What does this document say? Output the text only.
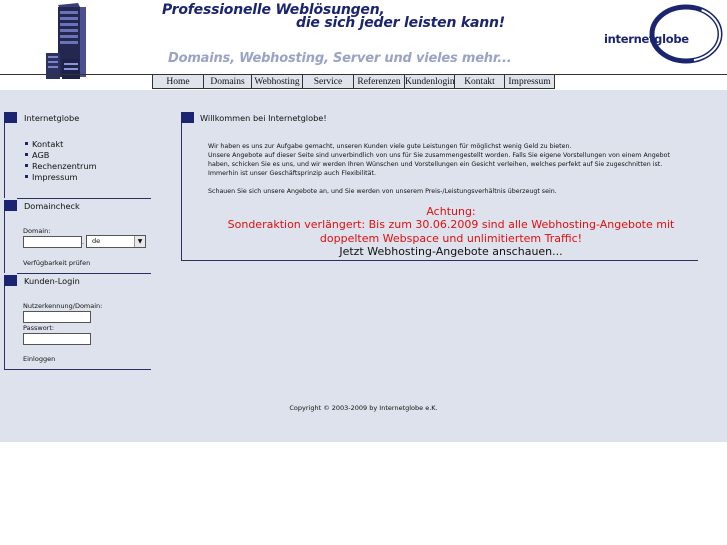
Professionelle Weblösungen,
die sich jeder leisten kann!
Domains, Webhosting, Server und vieles mehr...
internetglobe
Home	Domains	Webhosting	Service	Referenzen Kundenlogin	Kontakt	Impressum
Internetglobe
Kontakt
AGB
Rechenzentrum
Impressum
Domaincheck
Domain:
.	de	▼
Verfügbarkeit prüfen
Kunden-Login
Nutzerkennung/Domain:
Passwort:
Einloggen
Willkommen bei Internetglobe!

Wir haben es uns zur Aufgabe gemacht, unseren Kunden viele gute Leistungen für möglichst wenig Geld zu bieten.

Unsere Angebote auf dieser Seite sind unverbindlich von uns für Sie zusammengestellt worden. Falls Sie eigene Vorstellungen von einem Angebot haben, schicken Sie es uns, und wir werden Ihren Wünschen und Vorstellungen ein Gesicht verleihen, welches perfekt auf Sie zugeschnitten ist. Immerhin ist unser Geschäftsprinzip auch Flexibilität.

Schauen Sie sich unsere Angebote an, und Sie werden von unserem Preis-/Leistungsverhältnis überzeugt sein.

Achtung:
Sonderaktion verlängert: Bis zum 30.06.2009 sind alle Webhosting-Angebote mit doppeltem Webspace und unlimitiertem Traffic!
Jetzt Webhosting-Angebote anschauen...
Copyright © 2003-2009 by Internetglobe e.K.
